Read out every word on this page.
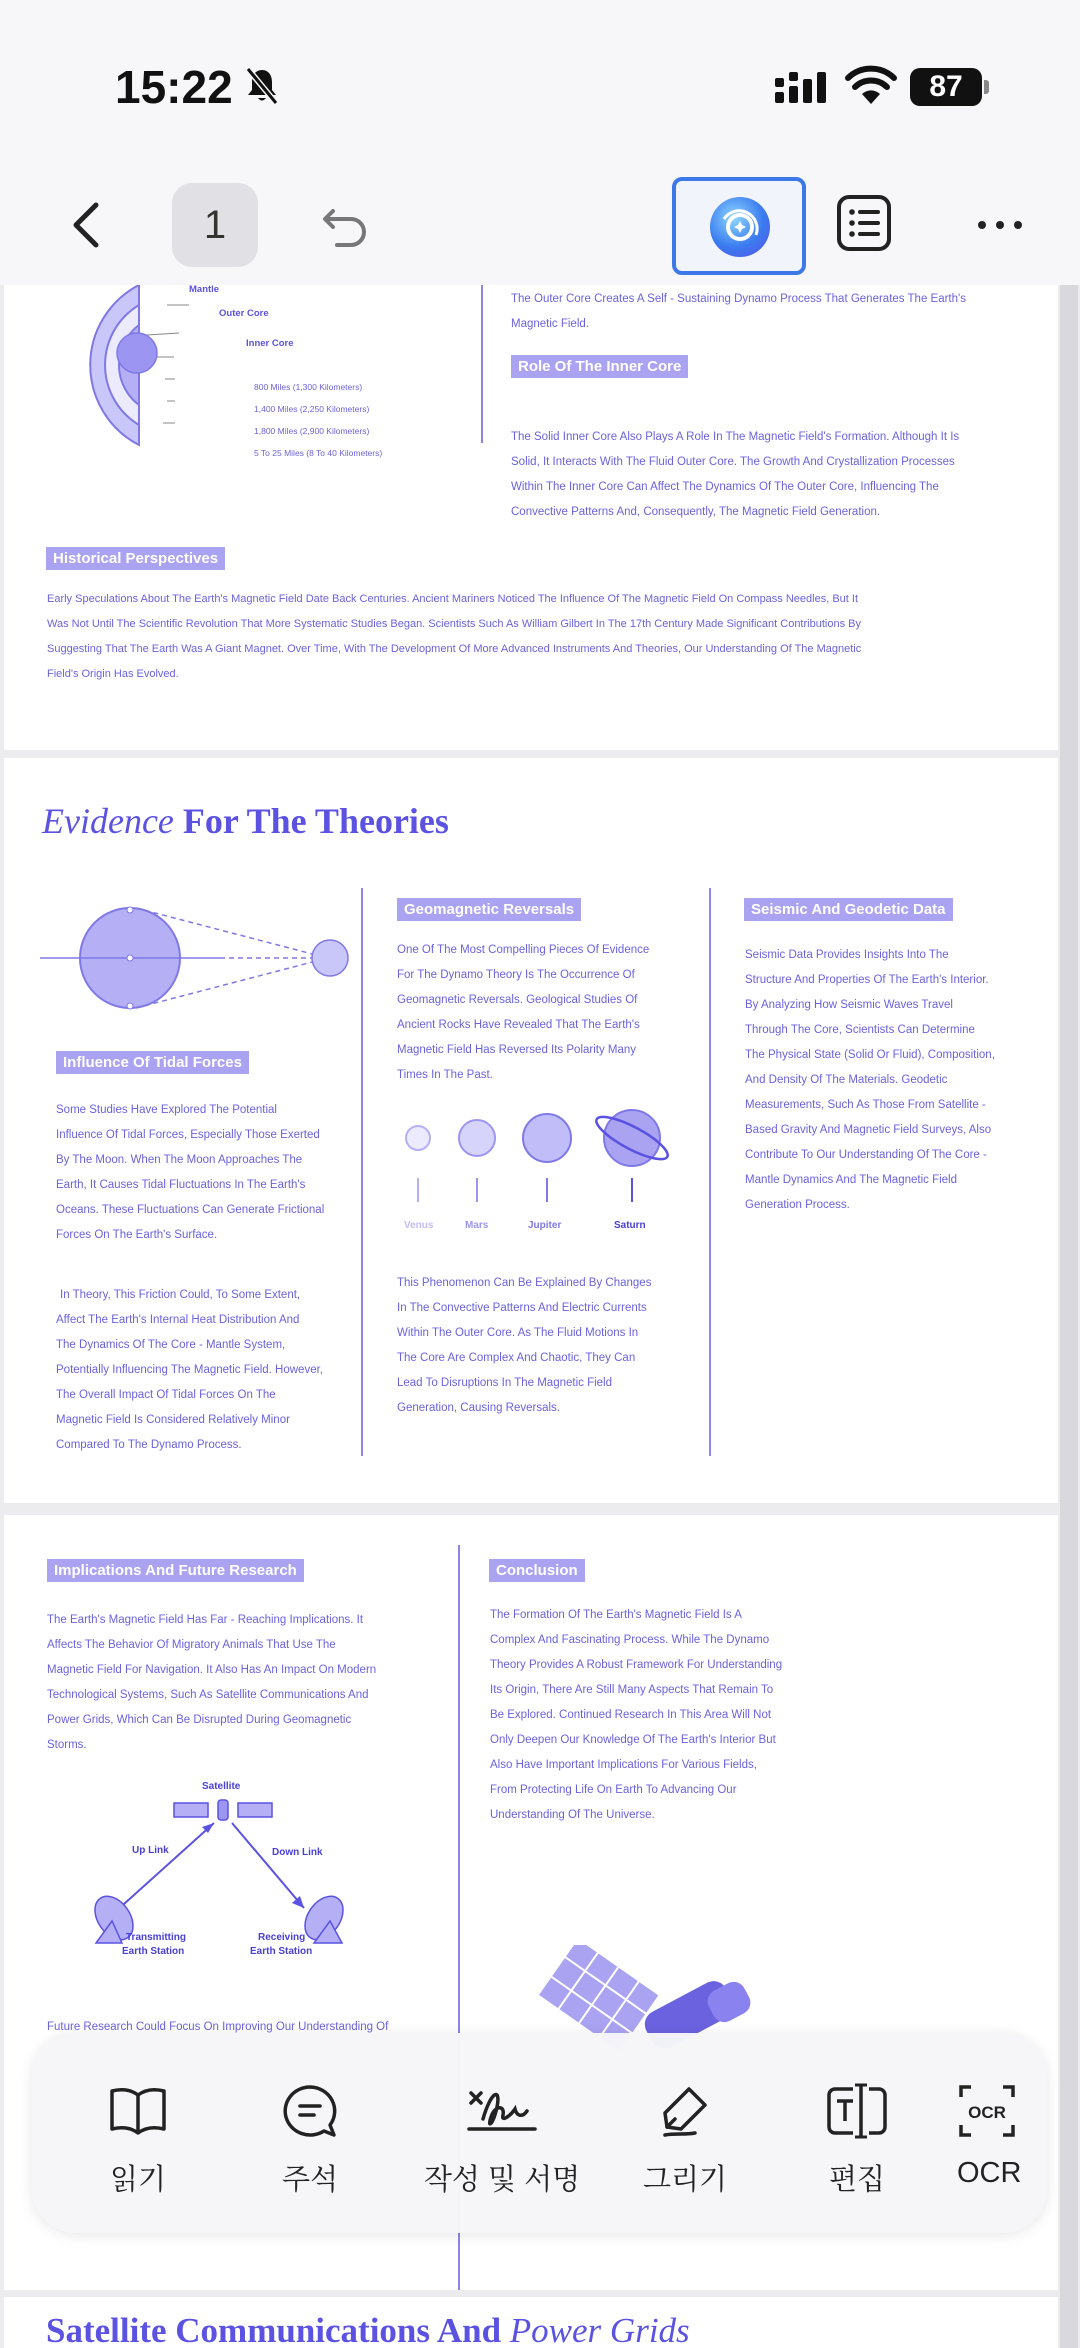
15:22	87
1
Mantle
Outer Core
Inner Core
800 Miles (1,300 Kilometers)
1,400 Miles (2,250 Kilometers)
1,800 Miles (2,900 Kilometers)
5 To 25 Miles (8 To 40 Kilometers)
The Outer Core Creates A Self - Sustaining Dynamo Process That Generates The Earth's
Magnetic Field.
Role Of The Inner Core
The Solid Inner Core Also Plays A Role In The Magnetic Field's Formation. Although It Is
Solid, It Interacts With The Fluid Outer Core. The Growth And Crystallization Processes
Within The Inner Core Can Affect The Dynamics Of The Outer Core, Influencing The
Convective Patterns And, Consequently, The Magnetic Field Generation.
Historical Perspectives
Early Speculations About The Earth's Magnetic Field Date Back Centuries. Ancient Mariners Noticed The Influence Of The Magnetic Field On Compass Needles, But It
Was Not Until The Scientific Revolution That More Systematic Studies Began. Scientists Such As William Gilbert In The 17th Century Made Significant Contributions By
Suggesting That The Earth Was A Giant Magnet. Over Time, With The Development Of More Advanced Instruments And Theories, Our Understanding Of The Magnetic
Field's Origin Has Evolved.
Evidence For The Theories
Influence Of Tidal Forces
Some Studies Have Explored The Potential
Influence Of Tidal Forces, Especially Those Exerted
By The Moon. When The Moon Approaches The
Earth, It Causes Tidal Fluctuations In The Earth's
Oceans. These Fluctuations Can Generate Frictional
Forces On The Earth's Surface.
In Theory, This Friction Could, To Some Extent,
Affect The Earth's Internal Heat Distribution And
The Dynamics Of The Core - Mantle System,
Potentially Influencing The Magnetic Field. However,
The Overall Impact Of Tidal Forces On The
Magnetic Field Is Considered Relatively Minor
Compared To The Dynamo Process.
Geomagnetic Reversals
One Of The Most Compelling Pieces Of Evidence
For The Dynamo Theory Is The Occurrence Of
Geomagnetic Reversals. Geological Studies Of
Ancient Rocks Have Revealed That The Earth's
Magnetic Field Has Reversed Its Polarity Many
Times In The Past.
Venus	Mars	Jupiter	Saturn
This Phenomenon Can Be Explained By Changes
In The Convective Patterns And Electric Currents
Within The Outer Core. As The Fluid Motions In
The Core Are Complex And Chaotic, They Can
Lead To Disruptions In The Magnetic Field
Generation, Causing Reversals.
Seismic And Geodetic Data
Seismic Data Provides Insights Into The
Structure And Properties Of The Earth's Interior.
By Analyzing How Seismic Waves Travel
Through The Core, Scientists Can Determine
The Physical State (Solid Or Fluid), Composition,
And Density Of The Materials. Geodetic
Measurements, Such As Those From Satellite -
Based Gravity And Magnetic Field Surveys, Also
Contribute To Our Understanding Of The Core -
Mantle Dynamics And The Magnetic Field
Generation Process.
Implications And Future Research
The Earth's Magnetic Field Has Far - Reaching Implications. It
Affects The Behavior Of Migratory Animals That Use The
Magnetic Field For Navigation. It Also Has An Impact On Modern
Technological Systems, Such As Satellite Communications And
Power Grids, Which Can Be Disrupted During Geomagnetic
Storms.
Satellite
Up Link	Down Link
Transmitting
Earth Station
Receiving
Earth Station
Future Research Could Focus On Improving Our Understanding Of
Conclusion
The Formation Of The Earth's Magnetic Field Is A
Complex And Fascinating Process. While The Dynamo
Theory Provides A Robust Framework For Understanding
Its Origin, There Are Still Many Aspects That Remain To
Be Explored. Continued Research In This Area Will Not
Only Deepen Our Knowledge Of The Earth's Interior But
Also Have Important Implications For Various Fields,
From Protecting Life On Earth To Advancing Our
Understanding Of The Universe.
Satellite Communications And Power Grids
읽기	주석	작성 및 서명	그리기	편집
OCR
OCR
